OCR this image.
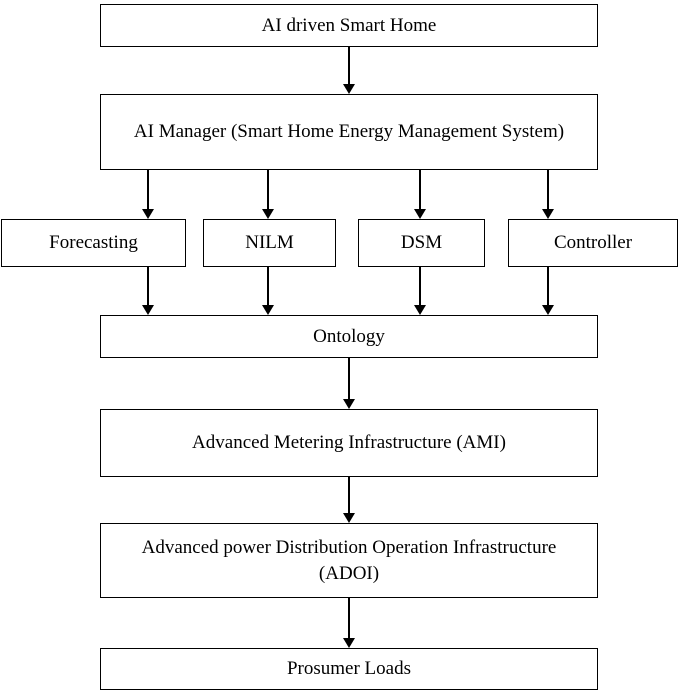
AI driven Smart Home
AI Manager (Smart Home Energy Management System)
Forecasting	NILM	DSM	Controller
Ontology
Advanced Metering Infrastructure (AMI)
Advanced power Distribution Operation Infrastructure (ADOI)
Prosumer Loads
